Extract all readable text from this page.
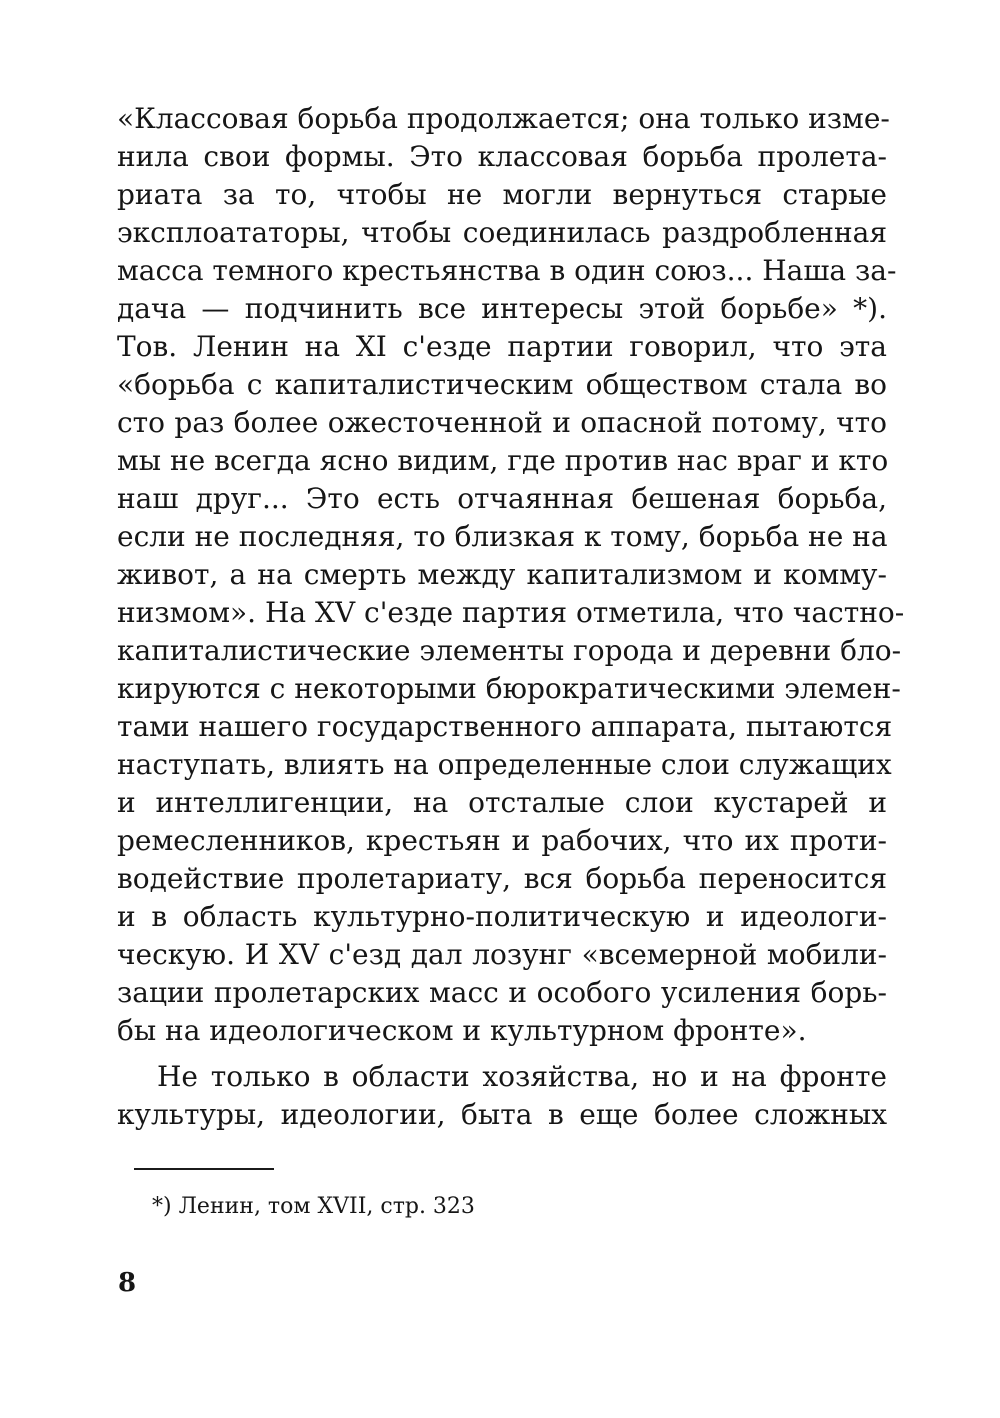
«Классовая борьба продолжается; она только изме-
нила свои формы. Это классовая борьба пролета-
риата за то, чтобы не могли вернуться старые
эксплоататоры, чтобы соединилась раздробленная
масса темного крестьянства в один союз... Наша за-
дача — подчинить все интересы этой борьбе» *).
Тов. Ленин на XI с'езде партии говорил, что эта
«борьба с капиталистическим обществом стала во
сто раз более ожесточенной и опасной потому, что
мы не всегда ясно видим, где против нас враг и кто
наш друг... Это есть отчаянная бешеная борьба,
если не последняя, то близкая к тому, борьба не на
живот, а на смерть между капитализмом и комму-
низмом». На XV с'езде партия отметила, что частно-
капиталистические элементы города и деревни бло-
кируются с некоторыми бюрократическими элемен-
тами нашего государственного аппарата, пытаются
наступать, влиять на определенные слои служащих
и интеллигенции, на отсталые слои кустарей и
ремесленников, крестьян и рабочих, что их проти-
водействие пролетариату, вся борьба переносится
и в область культурно-политическую и идеологи-
ческую. И XV с'езд дал лозунг «всемерной мобили-
зации пролетарских масс и особого усиления борь-
бы на идеологическом и культурном фронте».
Не только в области хозяйства, но и на фронте
культуры, идеологии, быта в еще более сложных
*) Ленин, том XVII, стр. 323
8
